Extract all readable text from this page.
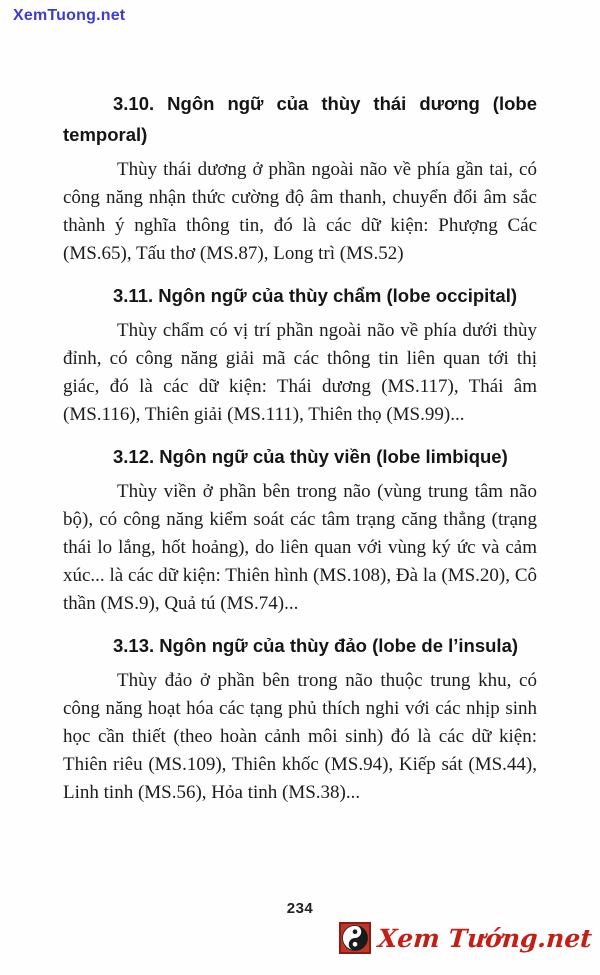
XemTuong.net
3.10. Ngôn ngữ của thùy thái dương (lobe temporal)

Thùy thái dương ở phần ngoài não về phía gần tai, có công năng nhận thức cường độ âm thanh, chuyển đổi âm sắc thành ý nghĩa thông tin, đó là các dữ kiện: Phượng Các (MS.65), Tấu thơ (MS.87), Long trì (MS.52)

3.11. Ngôn ngữ của thùy chẩm (lobe occipital)

Thùy chẩm có vị trí phần ngoài não về phía dưới thùy đỉnh, có công năng giải mã các thông tin liên quan tới thị giác, đó là các dữ kiện: Thái dương (MS.117), Thái âm (MS.116), Thiên giải (MS.111), Thiên thọ (MS.99)...

3.12. Ngôn ngữ của thùy viền (lobe limbique)

Thùy viền ở phần bên trong não (vùng trung tâm não bộ), có công năng kiểm soát các tâm trạng căng thẳng (trạng thái lo lắng, hốt hoảng), do liên quan với vùng ký ức và cảm xúc... là các dữ kiện: Thiên hình (MS.108), Đà la (MS.20), Cô thần (MS.9), Quả tú (MS.74)...

3.13. Ngôn ngữ của thùy đảo (lobe de l’insula)

Thùy đảo ở phần bên trong não thuộc trung khu, có công năng hoạt hóa các tạng phủ thích nghi với các nhịp sinh học cần thiết (theo hoàn cảnh môi sinh) đó là các dữ kiện: Thiên riêu (MS.109), Thiên khốc (MS.94), Kiếp sát (MS.44), Linh tinh (MS.56), Hỏa tinh (MS.38)...

234
Xem Tướng.net
